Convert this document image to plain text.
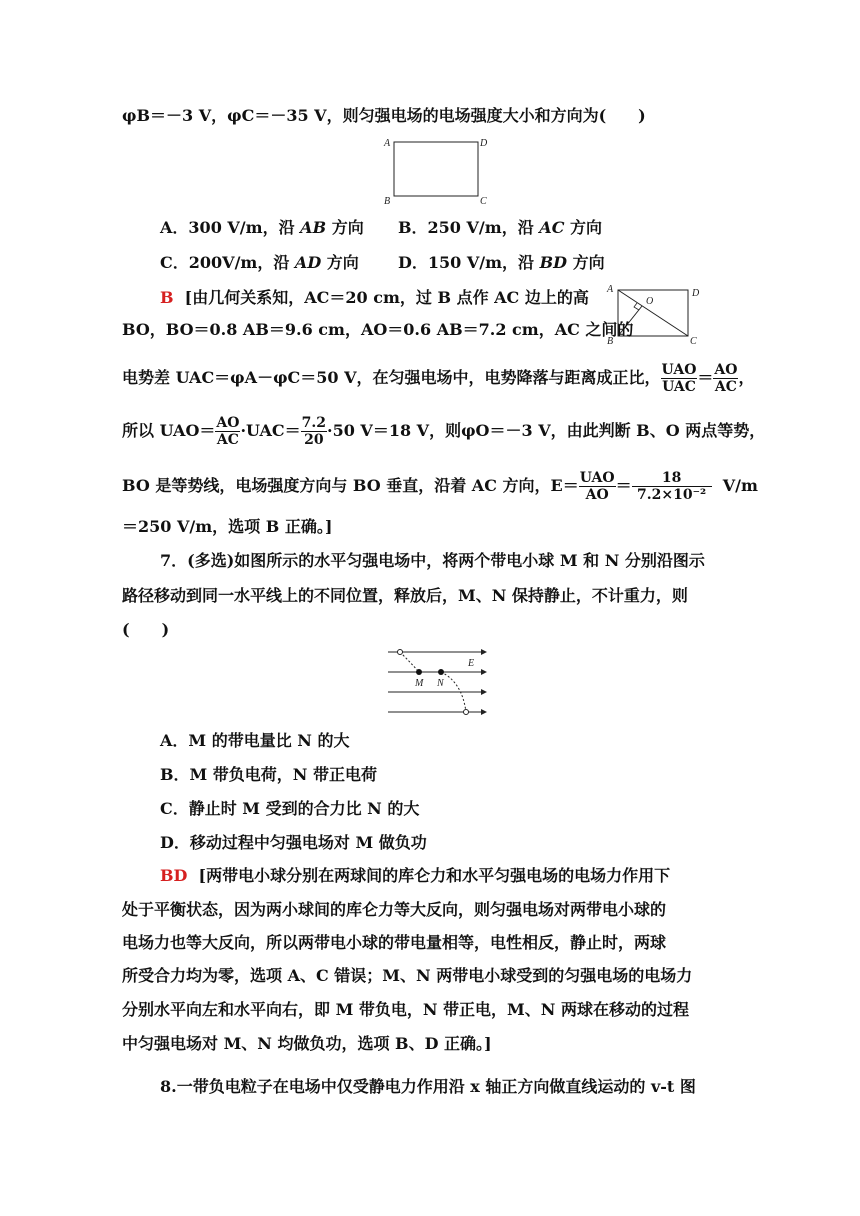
φB＝－3 V，φC＝－35 V，则匀强电场的电场强度大小和方向为(　　)
A	D
B	C
A．300 V/m，沿 AB 方向 B．250 V/m，沿 AC 方向
C．200V/m，沿 AD 方向 D．150 V/m，沿 BD 方向
A	D
B	C
O
B [由几何关系知，AC＝20 cm，过 B 点作 AC 边上的高
BO，BO＝0.8 AB＝9.6 cm，AO＝0.6 AB＝7.2 cm，AC 之间的
电势差 UAC＝φA－φC＝50 V，在匀强电场中，电势降落与距离成正比， $\frac{\text{UAO}}{\text{UAC}} = \frac{AO}{AC}$ ，
所以 $UAO= \frac{AO}{AC} \cdot UAC= \frac{7.2}{20} \cdot 50$ V＝18 V，则φO＝－3 V，由此判断 B、O 两点等势，
BO 是等势线，电场强度方向与 BO 垂直，沿着 AC 方向，$E= \frac{\text{UAO}}{AO} = \frac{18}{\text{7.2×10⁻²}} V/m$
＝250 V/m，选项 B 正确。]
7．(多选)如图所示的水平匀强电场中，将两个带电小球 M 和 N 分别沿图示
路径移动到同一水平线上的不同位置，释放后，M、N 保持静止，不计重力，则
(　　)
M N
E
A．M 的带电量比 N 的大
B．M 带负电荷，N 带正电荷
C．静止时 M 受到的合力比 N 的大
D．移动过程中匀强电场对 M 做负功
BD [两带电小球分别在两球间的库仑力和水平匀强电场的电场力作用下
处于平衡状态，因为两小球间的库仑力等大反向，则匀强电场对两带电小球的
电场力也等大反向，所以两带电小球的带电量相等，电性相反，静止时，两球
所受合力均为零，选项 A、C 错误；M、N 两带电小球受到的匀强电场的电场力
分别水平向左和水平向右，即 M 带负电，N 带正电，M、N 两球在移动的过程
中匀强电场对 M、N 均做负功，选项 B、D 正确。]
8.一带负电粒子在电场中仅受静电力作用沿 x 轴正方向做直线运动的 v-t 图
